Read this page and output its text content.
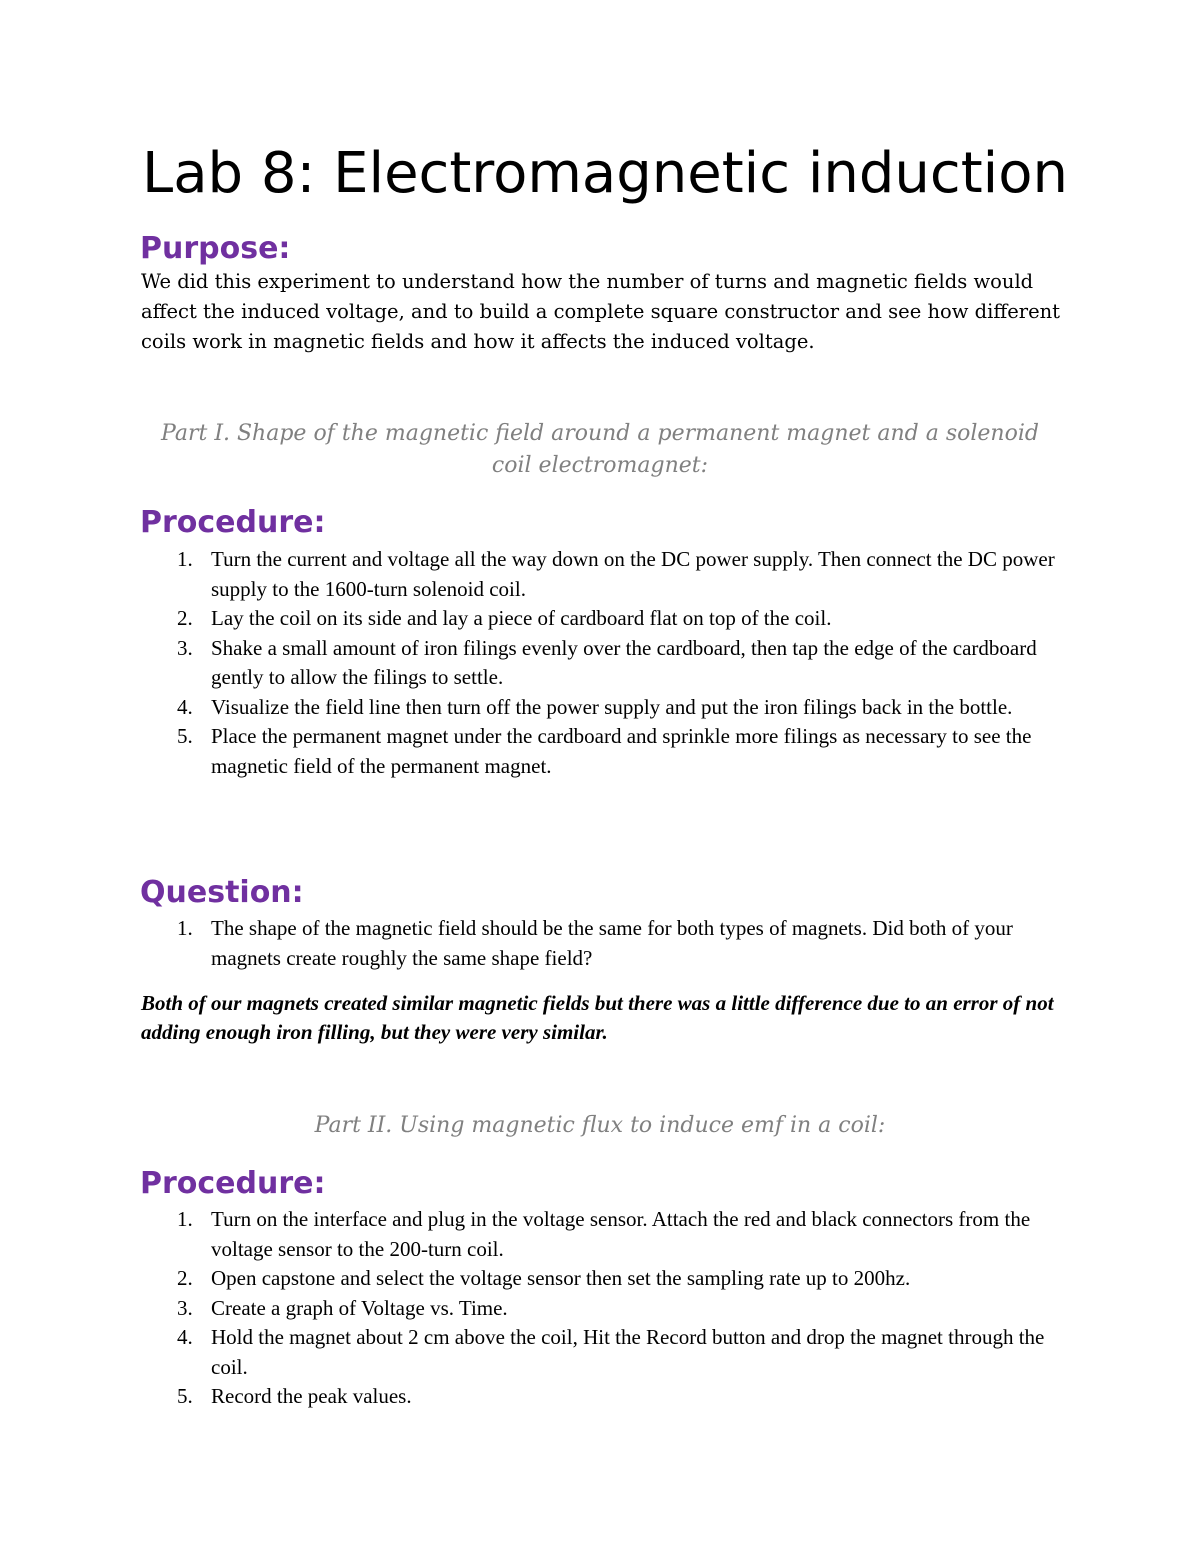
Lab 8: Electromagnetic induction
Purpose:

We did this experiment to understand how the number of turns and magnetic fields would affect the induced voltage, and to build a complete square constructor and see how different coils work in magnetic fields and how it affects the induced voltage.

Part I. Shape of the magnetic field around a permanent magnet and a solenoid coil electromagnet:

Procedure:
1. Turn the current and voltage all the way down on the DC power supply. Then connect the DC power supply to the 1600-turn solenoid coil.
2. Lay the coil on its side and lay a piece of cardboard flat on top of the coil.
3. Shake a small amount of iron filings evenly over the cardboard, then tap the edge of the cardboard gently to allow the filings to settle.
4. Visualize the field line then turn off the power supply and put the iron filings back in the bottle.
5. Place the permanent magnet under the cardboard and sprinkle more filings as necessary to see the magnetic field of the permanent magnet.
Question:
1. The shape of the magnetic field should be the same for both types of magnets. Did both of your magnets create roughly the same shape field?

Both of our magnets created similar magnetic fields but there was a little difference due to an error of not adding enough iron filling, but they were very similar.

Part II. Using magnetic flux to induce emf in a coil:

Procedure:
1. Turn on the interface and plug in the voltage sensor. Attach the red and black connectors from the voltage sensor to the 200-turn coil.
2. Open capstone and select the voltage sensor then set the sampling rate up to 200hz.
3. Create a graph of Voltage vs. Time.
4. Hold the magnet about 2 cm above the coil, Hit the Record button and drop the magnet through the coil.
5. Record the peak values.
